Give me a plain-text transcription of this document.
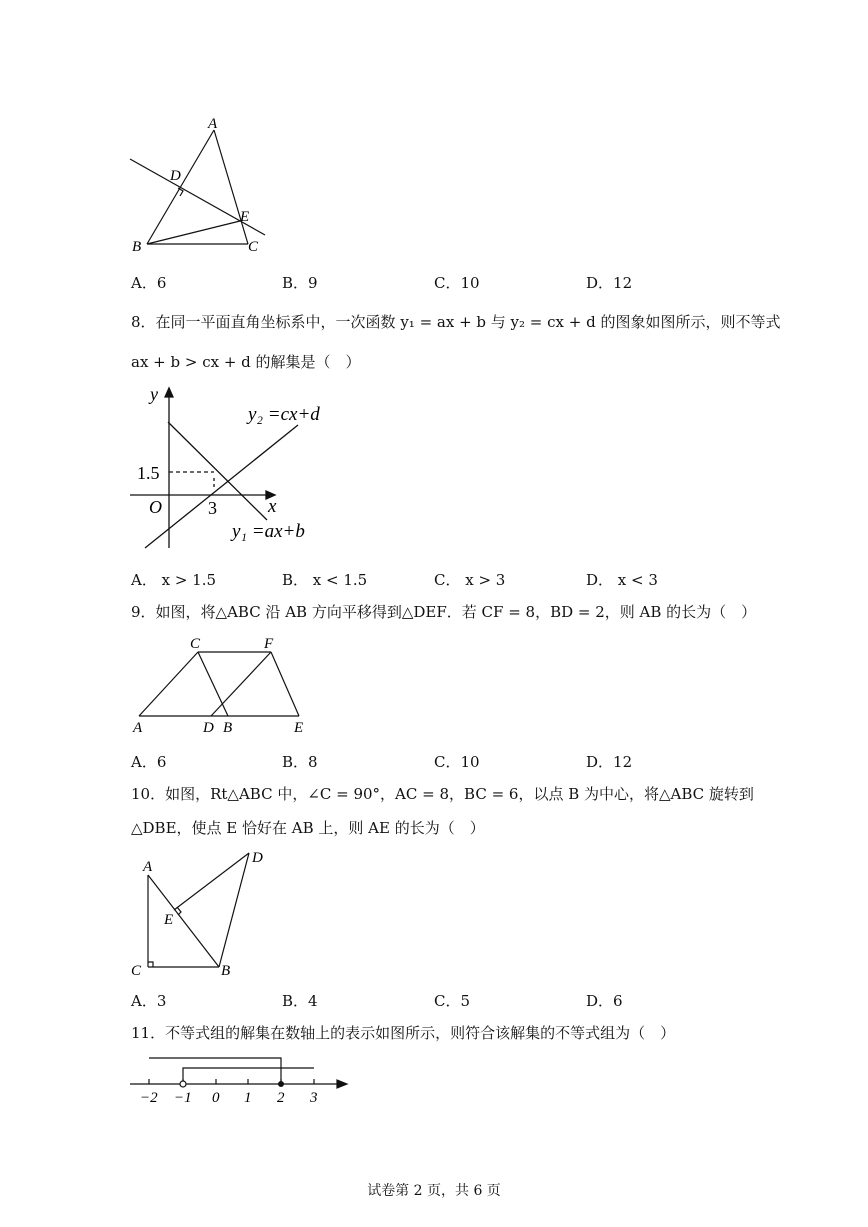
A
D
E
B	C
A．6	B．9	C．10	D．12
8．在同一平面直角坐标系中，一次函数 y₁ = ax + b 与 y₂ = cx + d 的图象如图所示，则不等式
ax + b > cx + d 的解集是（　）
y
x
O
1.5
3
y₂ =cx+d
y₁ =ax+b
A． x > 1.5	B． x < 1.5	C． x > 3	D． x < 3
9．如图，将△ABC 沿 AB 方向平移得到△DEF．若 CF = 8，BD = 2，则 AB 的长为（　）
C	F
A	D B	E
A．6	B．8	C．10	D．12
10．如图，Rt△ABC 中，∠C = 90°，AC = 8，BC = 6，以点 B 为中心，将△ABC 旋转到
△DBE，使点 E 恰好在 AB 上，则 AE 的长为（　）
A
D
E
C	B
A．3	B．4	C．5	D．6
11．不等式组的解集在数轴上的表示如图所示，则符合该解集的不等式组为（　）
−2 −1 0 1 2 3
试卷第 2 页，共 6 页
